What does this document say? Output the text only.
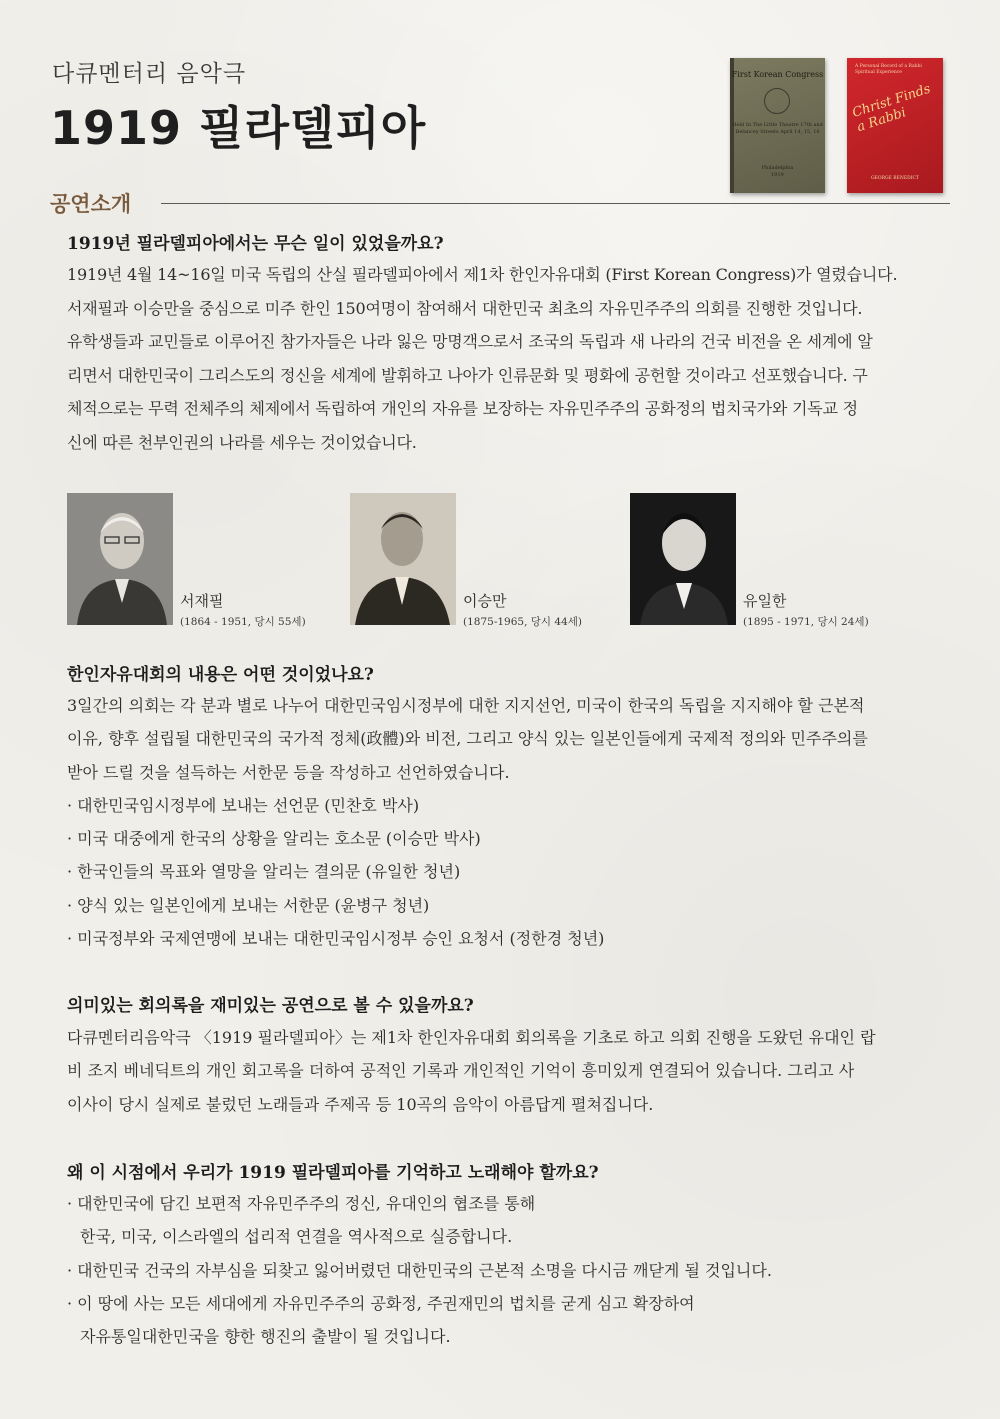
다큐멘터리 음악극
1919 필라델피아
First Korean Congress
Held In The Little Theatre 17th and Delancey Streets April 14, 15, 16
Philadelphia
1919
A Personal Record of a Rabbi Spiritual Experience
Christ Finds a Rabbi
GEORGE BENEDICT
공연소개
1919년 필라델피아에서는 무슨 일이 있었을까요?
1919년 4월 14~16일 미국 독립의 산실 필라델피아에서 제1차 한인자유대회 (First Korean Congress)가 열렸습니다.
서재필과 이승만을 중심으로 미주 한인 150여명이 참여해서 대한민국 최초의 자유민주주의 의회를 진행한 것입니다.
유학생들과 교민들로 이루어진 참가자들은 나라 잃은 망명객으로서 조국의 독립과 새 나라의 건국 비전을 온 세계에 알
리면서 대한민국이 그리스도의 정신을 세계에 발휘하고 나아가 인류문화 및 평화에 공헌할 것이라고 선포했습니다. 구
체적으로는 무력 전체주의 체제에서 독립하여 개인의 자유를 보장하는 자유민주주의 공화정의 법치국가와 기독교 정
신에 따른 천부인권의 나라를 세우는 것이었습니다.
서재필
(1864 - 1951, 당시 55세)
이승만
(1875-1965, 당시 44세)
유일한
(1895 - 1971, 당시 24세)
한인자유대회의 내용은 어떤 것이었나요?
3일간의 의회는 각 분과 별로 나누어 대한민국임시정부에 대한 지지선언, 미국이 한국의 독립을 지지해야 할 근본적
이유, 향후 설립될 대한민국의 국가적 정체(政體)와 비전, 그리고 양식 있는 일본인들에게 국제적 정의와 민주주의를
받아 드릴 것을 설득하는 서한문 등을 작성하고 선언하였습니다.
· 대한민국임시정부에 보내는 선언문 (민찬호 박사)
· 미국 대중에게 한국의 상황을 알리는 호소문 (이승만 박사)
· 한국인들의 목표와 열망을 알리는 결의문 (유일한 청년)
· 양식 있는 일본인에게 보내는 서한문 (윤병구 청년)
· 미국정부와 국제연맹에 보내는 대한민국임시정부 승인 요청서 (정한경 청년)
의미있는 회의록을 재미있는 공연으로 볼 수 있을까요?
다큐멘터리음악극 〈1919 필라델피아〉는 제1차 한인자유대회 회의록을 기초로 하고 의회 진행을 도왔던 유대인 랍
비 조지 베네딕트의 개인 회고록을 더하여 공적인 기록과 개인적인 기억이 흥미있게 연결되어 있습니다. 그리고 사
이사이 당시 실제로 불렀던 노래들과 주제곡 등 10곡의 음악이 아름답게 펼쳐집니다.
왜 이 시점에서 우리가 1919 필라델피아를 기억하고 노래해야 할까요?
· 대한민국에 담긴 보편적 자유민주주의 정신, 유대인의 협조를 통해
한국, 미국, 이스라엘의 섭리적 연결을 역사적으로 실증합니다.
· 대한민국 건국의 자부심을 되찾고 잃어버렸던 대한민국의 근본적 소명을 다시금 깨닫게 될 것입니다.
· 이 땅에 사는 모든 세대에게 자유민주주의 공화정, 주권재민의 법치를 굳게 심고 확장하여
자유통일대한민국을 향한 행진의 출발이 될 것입니다.
